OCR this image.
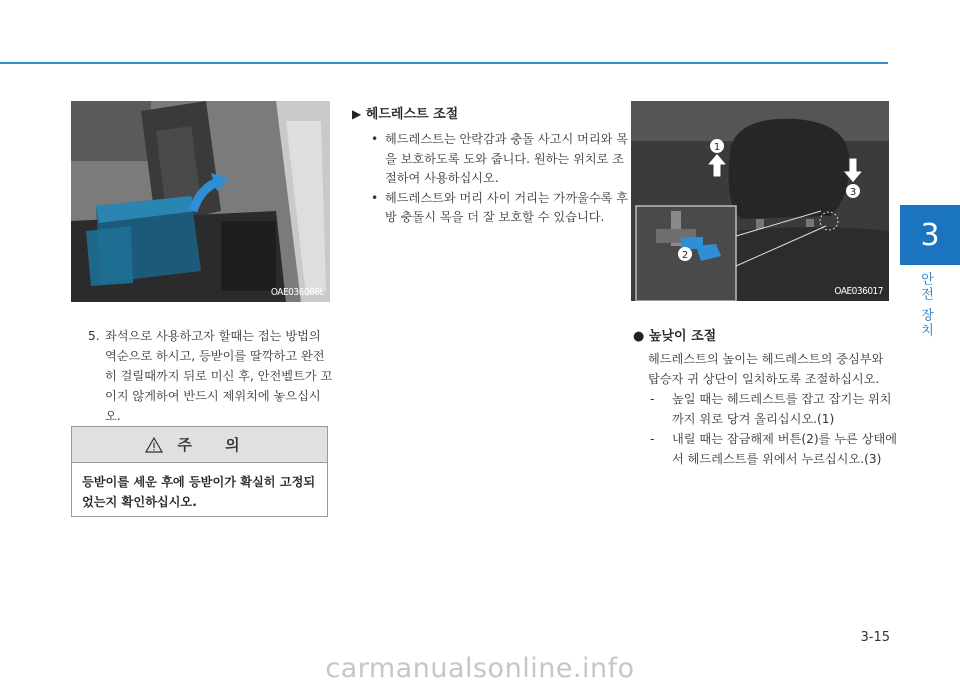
3
안전 장치
OAE036066L
5. 좌석으로 사용하고자 할때는 접는 방법의 역순으로 하시고, 등받이를 딸깍하고 완전히 걸릴때까지 뒤로 미신 후, 안전벨트가 꼬이지 않게하여 반드시 제위치에 놓으십시오.
주 의
등받이를 세운 후에 등받이가 확실히 고정되었는지 확인하십시오.
▶ 헤드레스트 조절
• 헤드레스트는 안락감과 충돌 사고시 머리와 목을 보호하도록 도와 줍니다. 원하는 위치로 조절하여 사용하십시오.
• 헤드레스트와 머리 사이 거리는 가까울수록 후방 충돌시 목을 더 잘 보호할 수 있습니다.
1
2
3
OAE036017
● 높낮이 조절
헤드레스트의 높이는 헤드레스트의 중심부와 탑승자 귀 상단이 일치하도록 조절하십시오.
- 높일 때는 헤드레스트를 잡고 잡기는 위치까지 위로 당겨 올리십시오.(1)
- 내릴 때는 잠금해제 버튼(2)를 누른 상태에서 헤드레스트를 위에서 누르십시오.(3)
3-15
carmanualsonline.info
